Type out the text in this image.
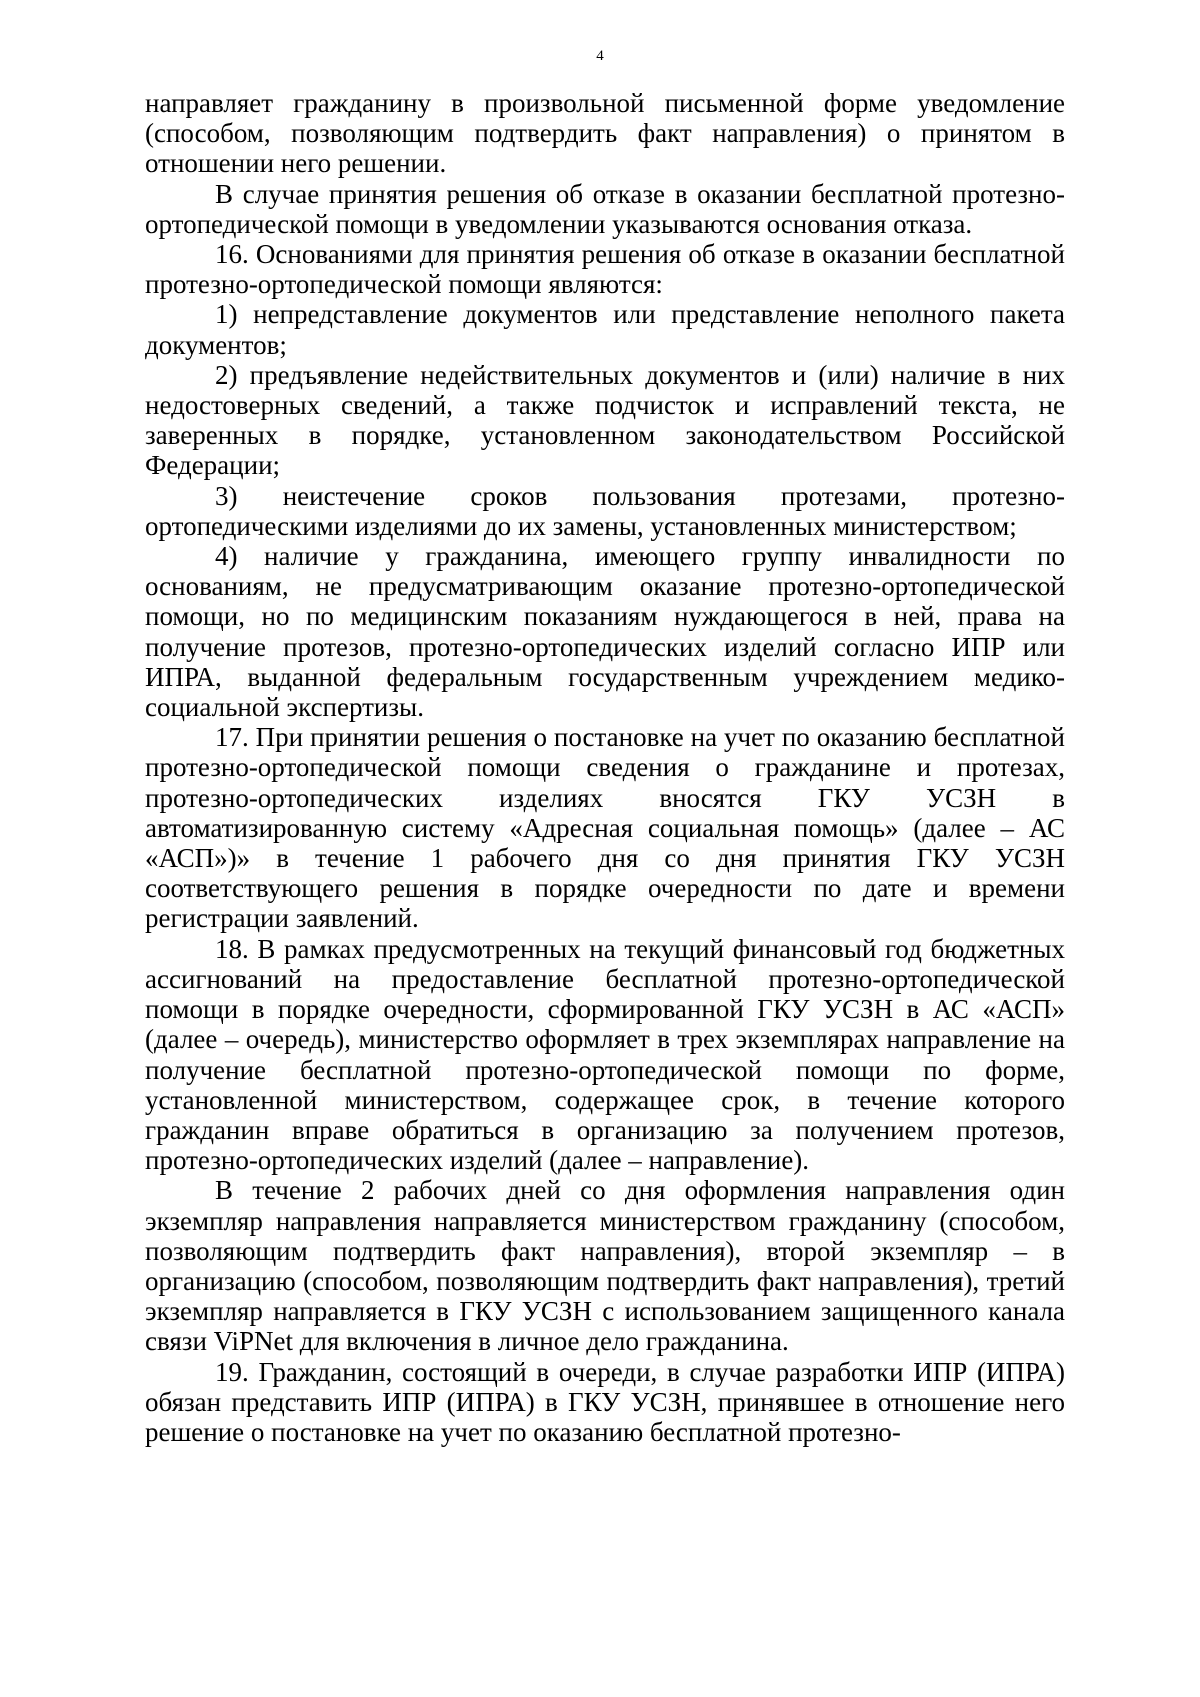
4

направляет гражданину в произвольной письменной форме уведомление (способом, позволяющим подтвердить факт направления) о принятом в отношении него решении.

В случае принятия решения об отказе в оказании бесплатной протезно-ортопедической помощи в уведомлении указываются основания отказа.

16. Основаниями для принятия решения об отказе в оказании бесплатной протезно-ортопедической помощи являются:

1) непредставление документов или представление неполного пакета документов;

2) предъявление недействительных документов и (или) наличие в них недостоверных сведений, а также подчисток и исправлений текста, не заверенных в порядке, установленном законодательством Российской Федерации;

3) неистечение сроков пользования протезами, протезно-ортопедическими изделиями до их замены, установленных министерством;

4) наличие у гражданина, имеющего группу инвалидности по основаниям, не предусматривающим оказание протезно-ортопедической помощи, но по медицинским показаниям нуждающегося в ней, права на получение протезов, протезно-ортопедических изделий согласно ИПР или ИПРА, выданной федеральным государственным учреждением медико-социальной экспертизы.

17. При принятии решения о постановке на учет по оказанию бесплатной протезно-ортопедической помощи сведения о гражданине и протезах, протезно-ортопедических изделиях вносятся ГКУ УСЗН в автоматизированную систему «Адресная социальная помощь» (далее – АС «АСП»)» в течение 1 рабочего дня со дня принятия ГКУ УСЗН соответствующего решения в порядке очередности по дате и времени регистрации заявлений.

18. В рамках предусмотренных на текущий финансовый год бюджетных ассигнований на предоставление бесплатной протезно-ортопедической помощи в порядке очередности, сформированной ГКУ УСЗН в АС «АСП» (далее – очередь), министерство оформляет в трех экземплярах направление на получение бесплатной протезно-ортопедической помощи по форме, установленной министерством, содержащее срок, в течение которого гражданин вправе обратиться в организацию за получением протезов, протезно-ортопедических изделий (далее – направление).

В течение 2 рабочих дней со дня оформления направления один экземпляр направления направляется министерством гражданину (способом, позволяющим подтвердить факт направления), второй экземпляр – в организацию (способом, позволяющим подтвердить факт направления), третий экземпляр направляется в ГКУ УСЗН с использованием защищенного канала связи ViPNet для включения в личное дело гражданина.

19. Гражданин, состоящий в очереди, в случае разработки ИПР (ИПРА) обязан представить ИПР (ИПРА) в ГКУ УСЗН, принявшее в отношение него решение о постановке на учет по оказанию бесплатной протезно-
